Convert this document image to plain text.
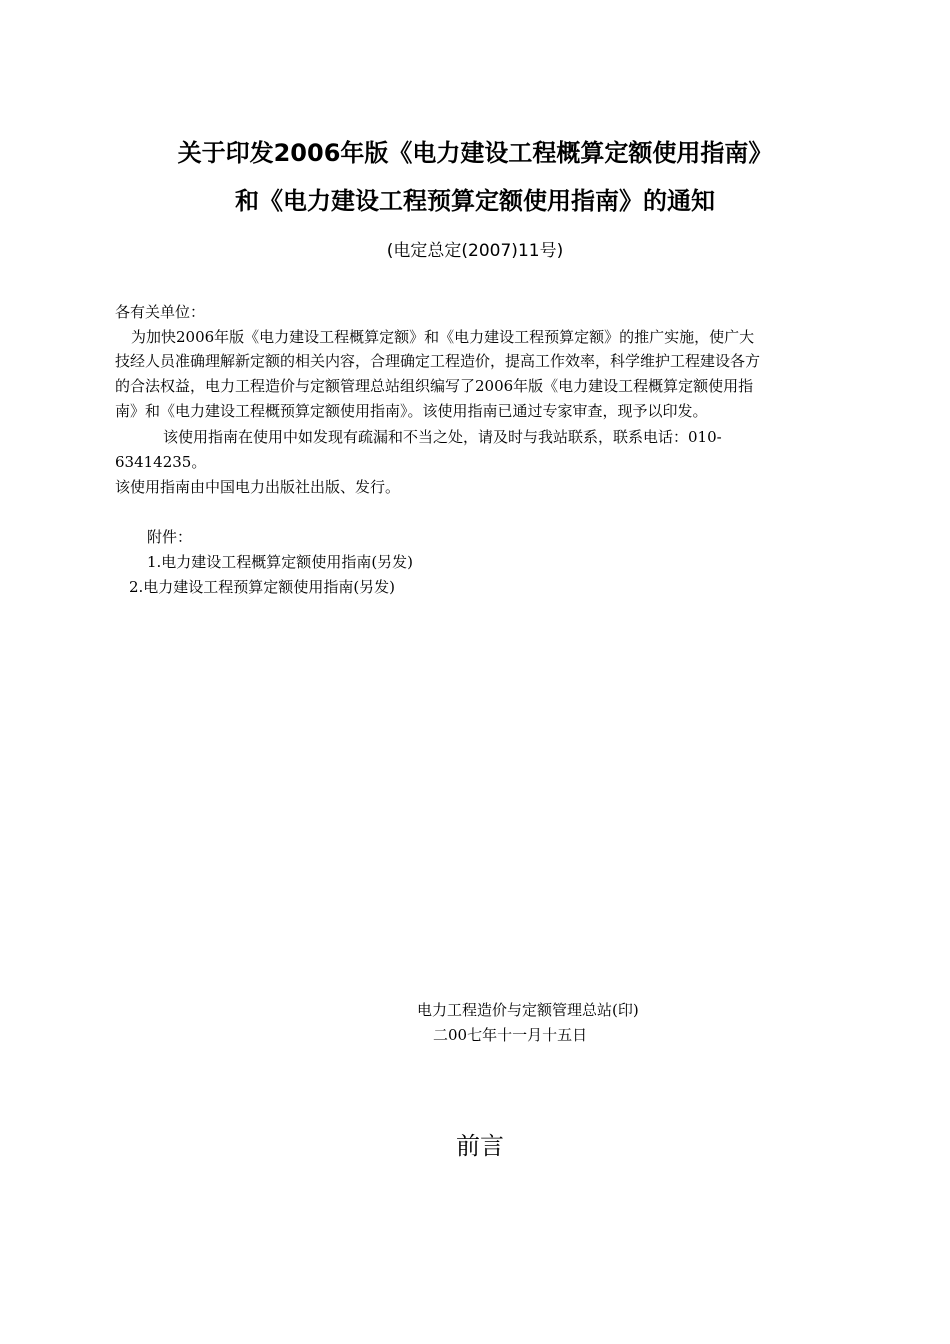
关于印发2006年版《电力建设工程概算定额使用指南》
和《电力建设工程预算定额使用指南》的通知
(电定总定(2007)11号)
各有关单位：
为加快2006年版《电力建设工程概算定额》和《电力建设工程预算定额》的推广实施，使广大
技经人员准确理解新定额的相关内容，合理确定工程造价，提高工作效率，科学维护工程建设各方
的合法权益，电力工程造价与定额管理总站组织编写了2006年版《电力建设工程概算定额使用指
南》和《电力建设工程概预算定额使用指南》。该使用指南已通过专家审查，现予以印发。
该使用指南在使用中如发现有疏漏和不当之处，请及时与我站联系，联系电话：010-
63414235。
该使用指南由中国电力出版社出版、发行。
附件：
1.电力建设工程概算定额使用指南(另发)
2.电力建设工程预算定额使用指南(另发)
电力工程造价与定额管理总站(印)
二00七年十一月十五日
前言
